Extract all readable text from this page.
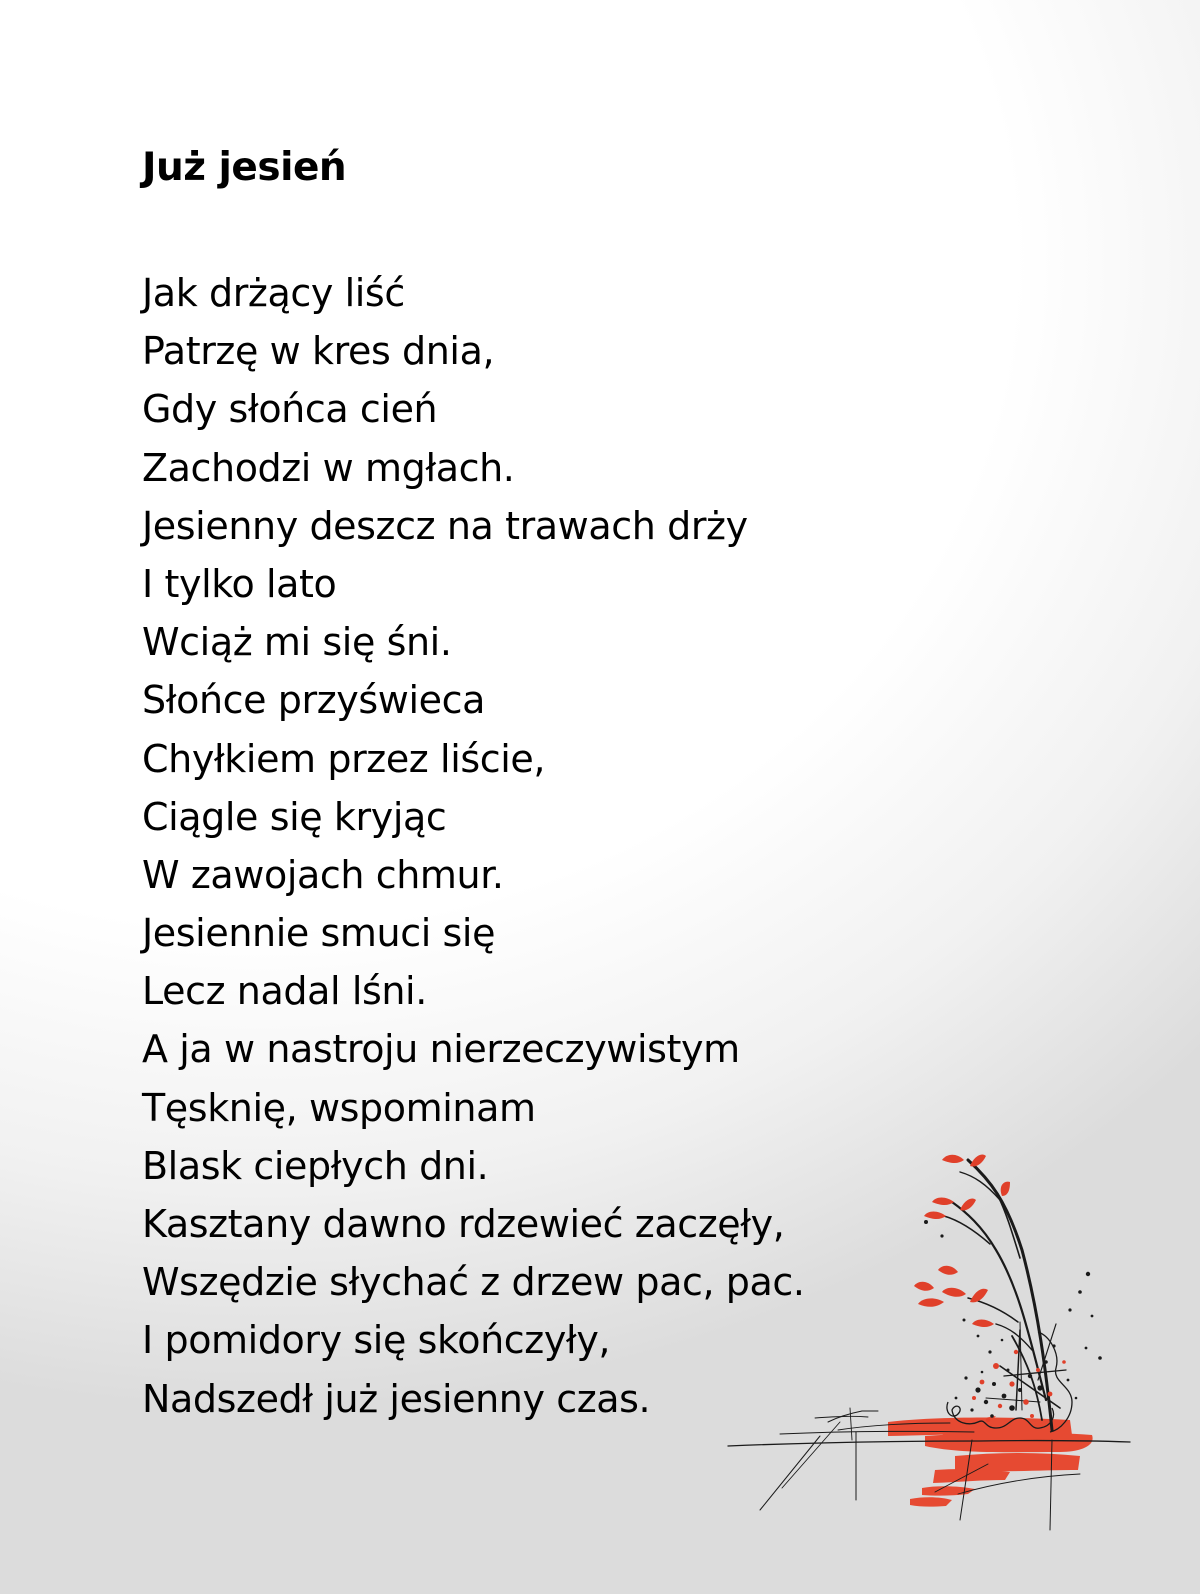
Już jesień
Jak drżący liść
Patrzę w kres dnia,
Gdy słońca cień
Zachodzi w mgłach.
Jesienny deszcz na trawach drży
I tylko lato
Wciąż mi się śni.
Słońce przyświeca
Chyłkiem przez liście,
Ciągle się kryjąc
W zawojach chmur.
Jesiennie smuci się
Lecz nadal lśni.
A ja w nastroju nierzeczywistym
Tęsknię, wspominam
Blask ciepłych dni.
Kasztany dawno rdzewieć zaczęły,
Wszędzie słychać z drzew pac, pac.
I pomidory się skończyły,
Nadszedł już jesienny czas.
